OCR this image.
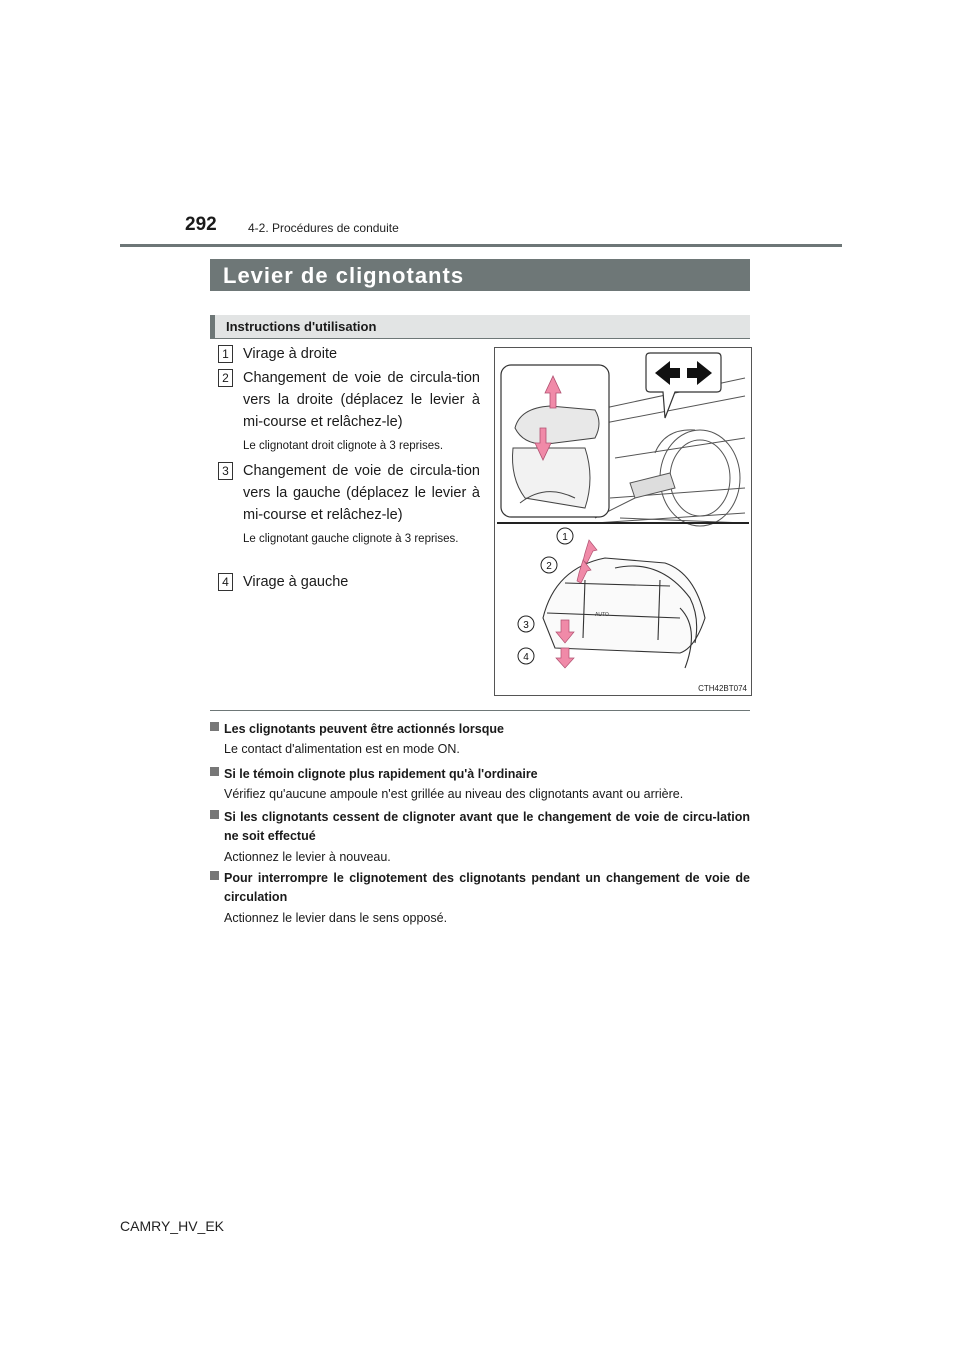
292	4-2. Procédures de conduite
Levier de clignotants
Instructions d'utilisation
1 Virage à droite
2 Changement de voie de circula-tion vers la droite (déplacez le levier à mi-course et relâchez-le)
Le clignotant droit clignote à 3 reprises.
3 Changement de voie de circula-tion vers la gauche (déplacez le levier à mi-course et relâchez-le)
Le clignotant gauche clignote à 3 reprises.
4 Virage à gauche
AUTO
1
2
3
4
CTH42BT074
Les clignotants peuvent être actionnés lorsque
Le contact d'alimentation est en mode ON.
Si le témoin clignote plus rapidement qu'à l'ordinaire
Vérifiez qu'aucune ampoule n'est grillée au niveau des clignotants avant ou arrière.
Si les clignotants cessent de clignoter avant que le changement de voie de circu-lation ne soit effectué
Actionnez le levier à nouveau.
Pour interrompre le clignotement des clignotants pendant un changement de voie de circulation
Actionnez le levier dans le sens opposé.
CAMRY_HV_EK
